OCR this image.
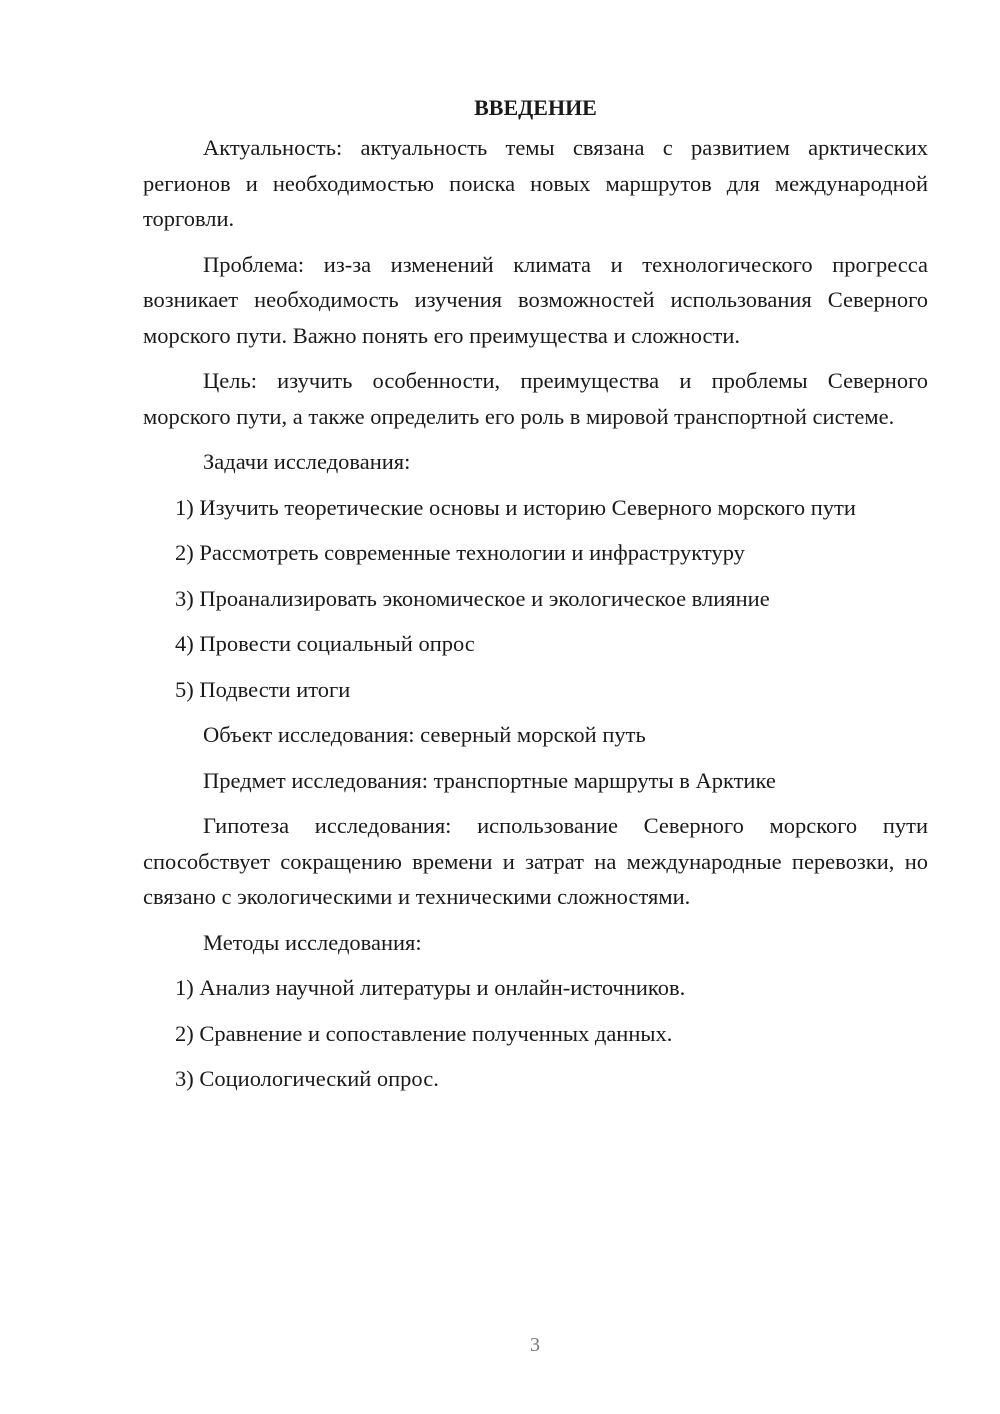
ВВЕДЕНИЕ

Актуальность: актуальность темы связана с развитием арктических регионов и необходимостью поиска новых маршрутов для международной торговли.

Проблема: из-за изменений климата и технологического прогресса возникает необходимость изучения возможностей использования Северного морского пути. Важно понять его преимущества и сложности.

Цель: изучить особенности, преимущества и проблемы Северного морского пути, а также определить его роль в мировой транспортной системе.

Задачи исследования:

1) Изучить теоретические основы и историю Северного морского пути
2) Рассмотреть современные технологии и инфраструктуру
3) Проанализировать экономическое и экологическое влияние
4) Провести социальный опрос
5) Подвести итоги

Объект исследования: северный морской путь

Предмет исследования: транспортные маршруты в Арктике

Гипотеза исследования: использование Северного морского пути способствует сокращению времени и затрат на международные перевозки, но связано с экологическими и техническими сложностями.

Методы исследования:

1) Анализ научной литературы и онлайн-источников.
2) Сравнение и сопоставление полученных данных.
3) Социологический опрос.
3
